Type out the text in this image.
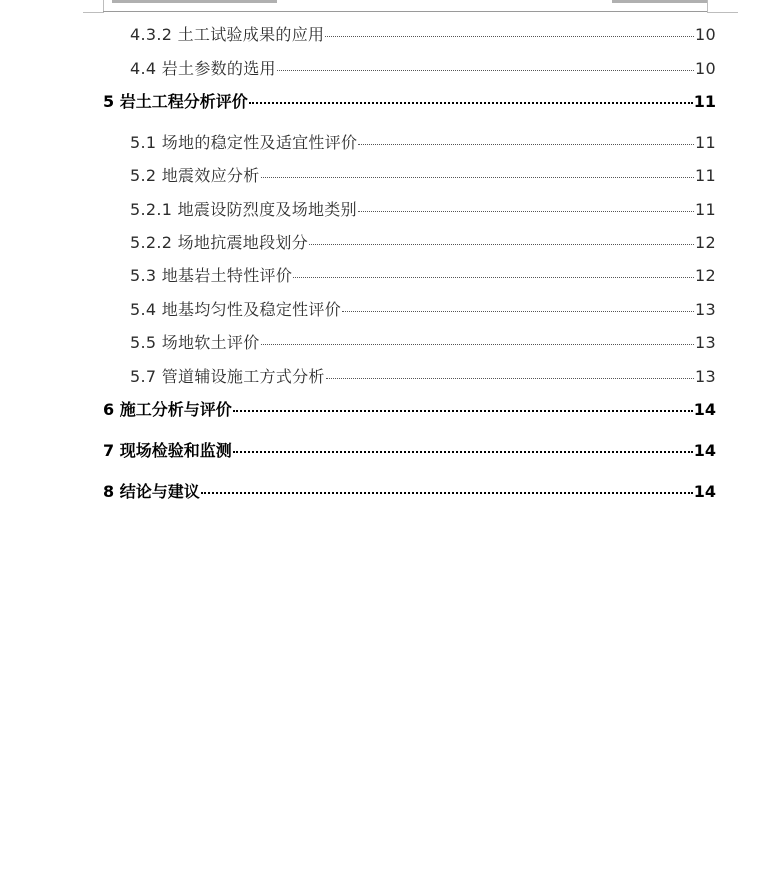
4.3.2 土工试验成果的应用	10
4.4 岩土参数的选用	10
5 岩土工程分析评价	11
5.1 场地的稳定性及适宜性评价	11
5.2 地震效应分析	11
5.2.1 地震设防烈度及场地类别	11
5.2.2 场地抗震地段划分	12
5.3 地基岩土特性评价	12
5.4 地基均匀性及稳定性评价	13
5.5 场地软土评价	13
5.7 管道辅设施工方式分析	13
6 施工分析与评价	14
7 现场检验和监测	14
8 结论与建议	14
